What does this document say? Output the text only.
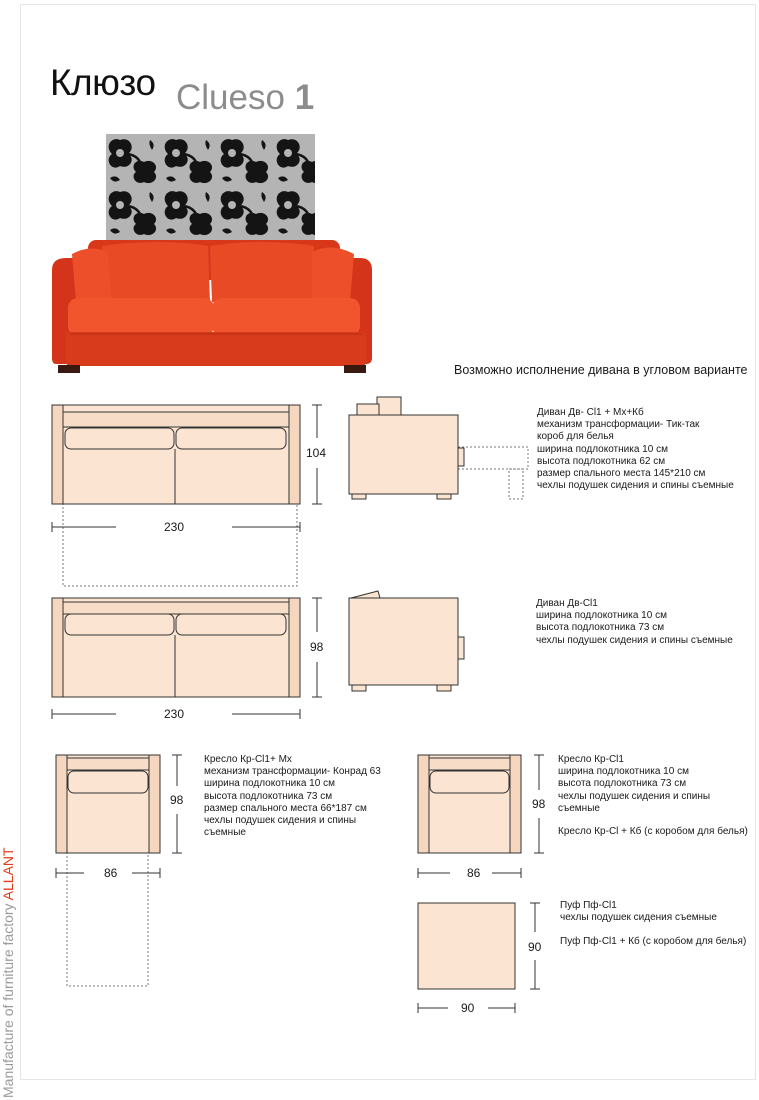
Manufacture of furniture factory ALLANT
Клюзо Clueso 1
Возможно исполнение дивана в угловом варианте
230
104
230
98
86
98
86
98
90
90
Диван Дв- Cl1 + Мх+Кб
механизм трансформации- Тик-так
короб для белья
ширина подлокотника 10 см
высота подлокотника 62 см
размер спального места 145*210 см
чехлы подушек сидения и спины съемные
Диван Дв-Cl1
ширина подлокотника 10 см
высота подлокотника 73 см
чехлы подушек сидения и спины съемные
Кресло Кр-Cl1+ Мх
механизм трансформации- Конрад 63
ширина подлокотника 10 см
высота подлокотника 73 см
размер спального места 66*187 см
чехлы подушек сидения и спины
съемные
Кресло Кр-Cl1
ширина подлокотника 10 см
высота подлокотника 73 см
чехлы подушек сидения и спины
съемные
Кресло Кр-Cl + Кб (с коробом для белья)
Пуф Пф-Cl1
чехлы подушек сидения съемные
Пуф Пф-Cl1 + Кб (с коробом для белья)
